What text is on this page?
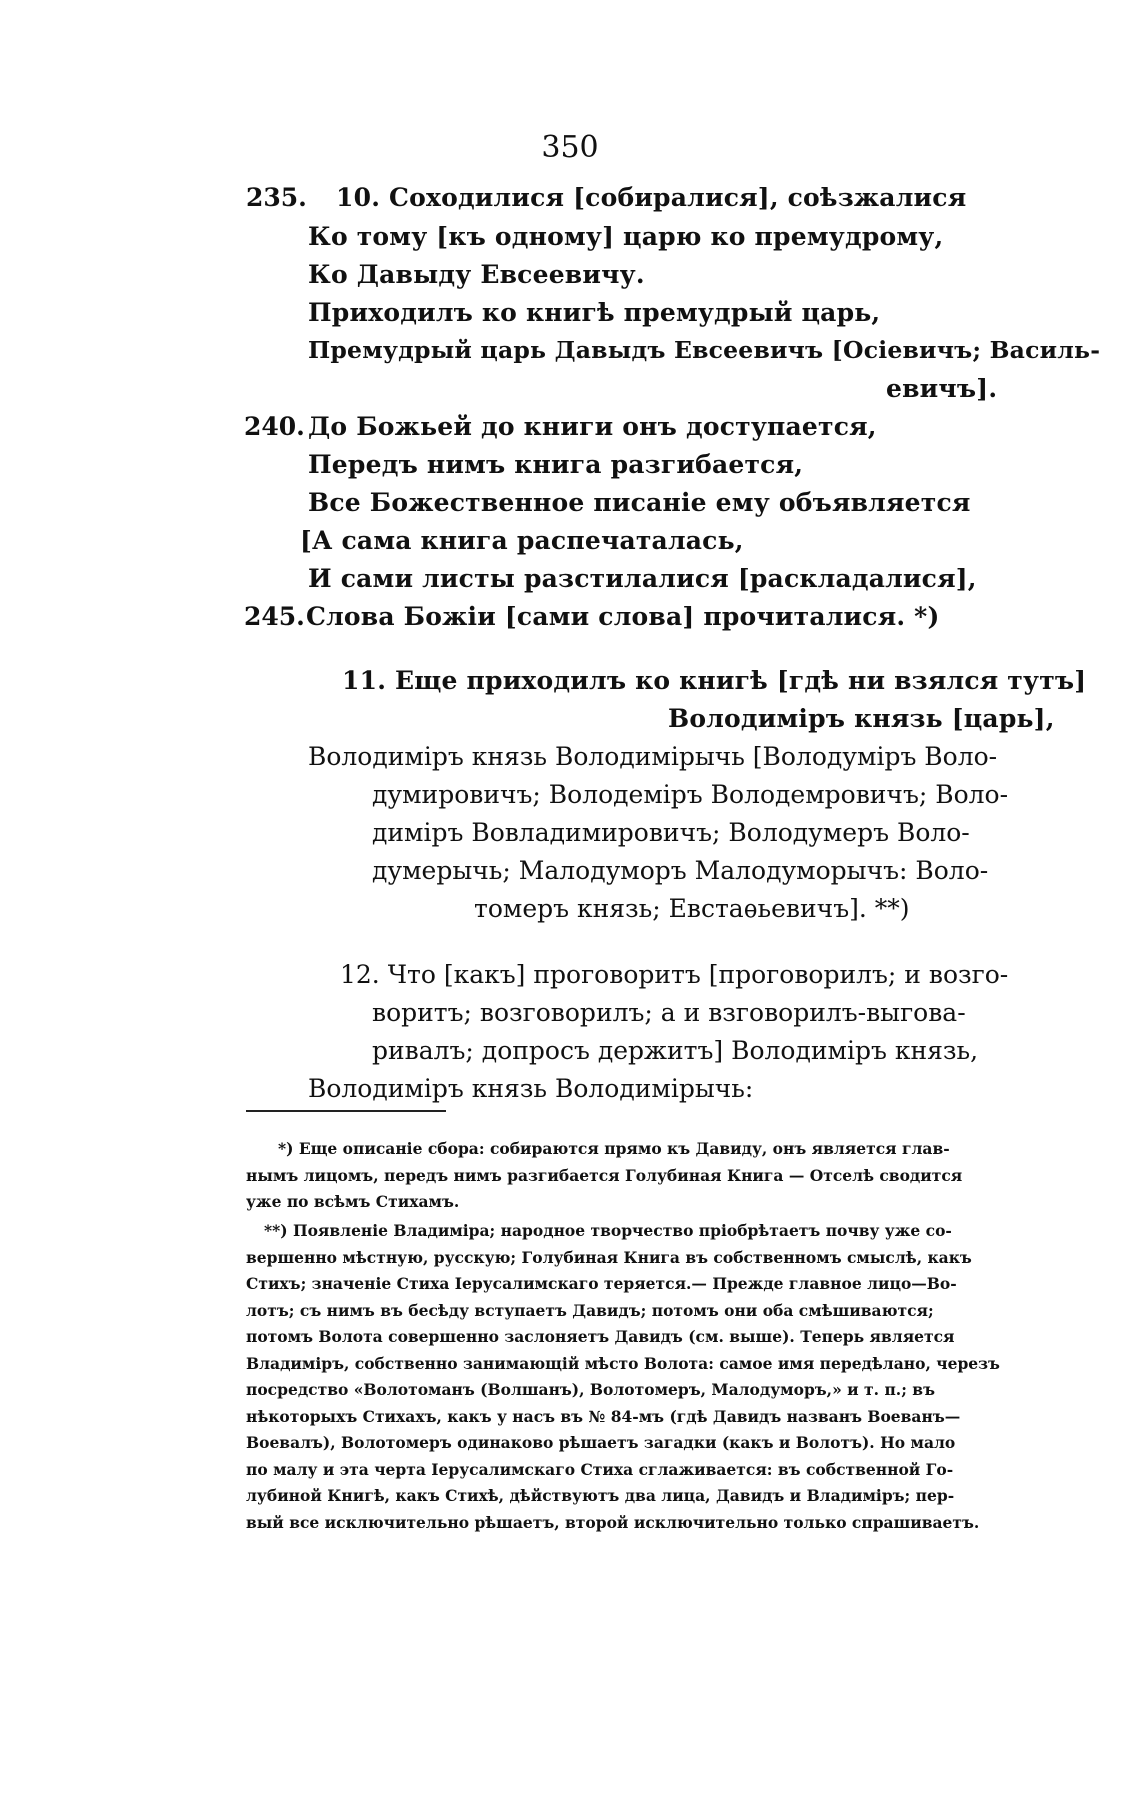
350
235. 10. Соходилися [собиралися], соѣзжалися
Ко тому [къ одному] царю ко премудрому,
Ко Давыду Евсеевичу.
Приходилъ ко книгѣ премудрый царь,
Премудрый царь Давыдъ Евсеевичъ [Осіевичъ; Василь-
евичъ].
240. До Божьей до книги онъ доступается,
Передъ нимъ книга разгибается,
Все Божественное писаніе ему объявляется
[А сама книга распечаталась,
И сами листы разстилалися [раскладалися],
245. Слова Божіи [сами слова] прочиталися. *)
11. Еще приходилъ ко книгѣ [гдѣ ни взялся тутъ]
Володимiръ князь [царь],
Володимiръ князь Володимiрычь [Володумiръ Воло-
думировичъ; Володемiръ Володемровичъ; Воло-
димiръ Вовладимировичъ; Володумеръ Воло-
думерычь; Малодуморъ Малодуморычъ: Воло-
томеръ князь; Евстаѳьевичъ]. **)
12. Что [какъ] проговоритъ [проговорилъ; и возго-
воритъ; возговорилъ; а и взговорилъ-выгова-
ривалъ; допросъ держитъ] Володимiръ князь,
Володимiръ князь Володимiрычь:
*) Еще описаніе сбора: собираются прямо къ Давиду, онъ является глав-
нымъ лицомъ, передъ нимъ разгибается Голубиная Книга — Отселѣ сводится
уже по всѣмъ Стихамъ.
**) Появленіе Владиміра; народное творчество пріобрѣтаетъ почву уже со-
вершенно мѣстную, русскую; Голубиная Книга въ собственномъ смыслѣ, какъ
Стихъ; значеніе Стиха Іерусалимскаго теряется.— Прежде главное лицо—Во-
лотъ; съ нимъ въ бесѣду вступаетъ Давидъ; потомъ они оба смѣшиваются;
потомъ Волота совершенно заслоняетъ Давидъ (см. выше). Теперь является
Владимiръ, собственно занимающій мѣсто Волота: самое имя передѣлано, черезъ
посредство «Волотоманъ (Волшанъ), Волотомеръ, Малодуморъ,» и т. п.; въ
нѣкоторыхъ Стихахъ, какъ у насъ въ № 84-мъ (гдѣ Давидъ названъ Воеванъ—
Воевалъ), Волотомеръ одинаково рѣшаетъ загадки (какъ и Волотъ). Но мало
по малу и эта черта Іерусалимскаго Стиха сглаживается: въ собственной Го-
лубиной Книгѣ, какъ Стихѣ, дѣйствуютъ два лица, Давидъ и Владимiръ; пер-
вый все исключительно рѣшаетъ, второй исключительно только спрашиваетъ.
